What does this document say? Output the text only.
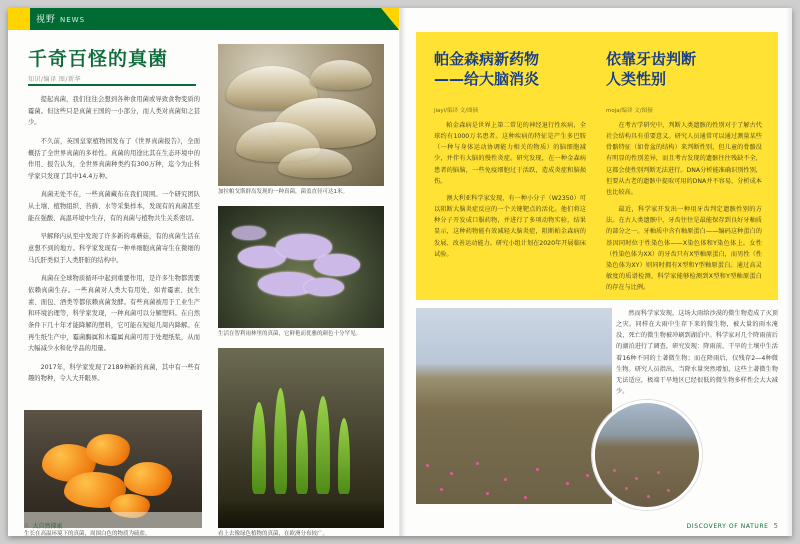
视野 NEWS
千奇百怪的真菌
知识/编译 图/新华

提起真菌，我们往往会想到各种食用菌或导致食物变质的霉菌。但这些只是真菌王国的一小部分，而人类对真菌知之甚少。

不久前，英国皇家植物园发布了《世界真菌报告》，全面概括了全世界真菌的多样性。真菌的用途比其在生态环境中的作用、报告认为，全世界真菌种类约有300万种，迄今为止科学家只发现了其中14.4万种。

真菌无处不在，一些真菌藏布在我们周围。一个研究团队从土壤、植物组织、苔藓、水等采集样本，发现有的真菌甚至能在强酸、高温环境中生存，有的真菌与植物共生关系密切。

早解释内从至中发现了许多新的毒蘑菇，有的真菌生活在意想不到的地方。科学家发现有一种单细胞真菌寄生在微细的马氏肝类似于人类肝脏的结构中。

真菌在全球物质循环中起到重要作用，是许多生物都需要依赖真菌生存。一些真菌对人类大有用处，如青霉素、抗生素、面包、酒类等都依赖真菌发酵。有些真菌被用于工业生产和环境治理等，科学家发现，一种真菌可以分解塑料。在自然条件下几十年才能降解的塑料，它可能在短短几周内降解。在再生纸生产中，霉菌酶属和木霉属真菌可用于处理纸浆，从而大幅减少水和化学品的用量。

2017年，科学家发现了2189种新的真菌，其中有一些有趣的物种，令人大开眼界。

加拉帕戈斯群岛发现的一种真菌，菌盖直径可达1米。
生活在智利雨林里的真菌，它鲜艳而优雅的颜色十分罕见。
生长在高温环境下的真菌，周围白色的物质为硫盐。	看上去像绿色植物的真菌，在欧洲分布较广。
4 大自然探索
帕金森病新药物
——给大脑消炎
jiayi/编译 文/图摘

帕金森病是世界上第二常见的神经退行性疾病，全球约有1000万名患者。这种疾病的特征是产生多巴胺（一种与身体运动协调能力相关的物质）的脑细胞减少，并伴有大脑的慢性炎症。研究发现，在一种金森病患者的脑脑，一些免疫细胞过于活跃，造成炎症和脑损伤。

澳大利亚科学家发现，有一种小分子（W2350）可以阻断大脑炎症反应的一个关键靶点的活化。他们将这种分子开发成口服药物，并进行了多项动物实验，结果显示，这种药物能有效减轻大脑炎症，阻断帕金森病的发展、改善运动能力。研究小组计划在2020年开展临床试验。

依靠牙齿判断
人类性别
moja/编译 文/图摘

在考古学研究中，判断人类遗骸的性别对于了解古代社会结构具有重要意义。研究人员通常可以通过测量某些骨骼特征（如骨盆的结构）来判断性别，但儿童的骨骼没有明显的性别差异，而且考古发现的遗骸往往残缺不全，这都会使性别判断无法进行。DNA分析能准确识别性别，但要从古老的遗骸中提取可用的DNA并不容易，分析成本也比较高。

最近，科学家开发出一种用牙齿判定遗骸性别的方法。在古人类遗骸中，牙齿往往是最能保存到良好牙釉质的部分之一。牙釉质中含有釉原蛋白——编码这种蛋白的基因同时位于性染色体——X染色体和Y染色体上。女性（性染色体为XX）的牙齿只有X型釉原蛋白，而男性（性染色体为XY）则同时拥有X型和Y型釉原蛋白。通过高灵敏度的质谱检测，科学家能够检测到X型和Y型釉原蛋白的存在与比例。

然而科学家发现，这场大雨给沙漠的微生物造成了灭顶之灾。同样在大雨中生存下来的微生物，被大量的雨水淹没，死亡的微生物被冲刷到湖泊中。科学家对几个降雨前后的湖泊进行了调查，研究发现：降雨前，干旱的土壤中生活着16种不同的土著微生物；而在降雨后，仅残存2—4种微生物。研究人员指出，当降水量突然增加，这些土著微生物无法适应，极端干旱地区已经很低的微生物多样性会大大减少。

DISCOVERY OF NATURE 5
